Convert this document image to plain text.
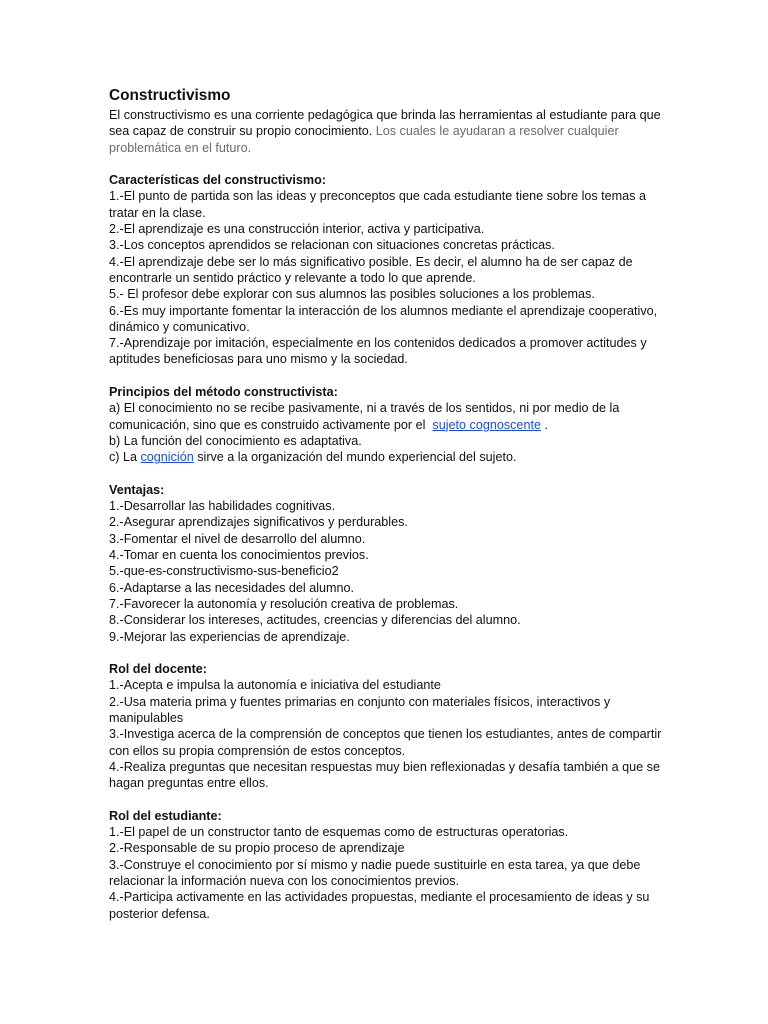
Constructivismo

El constructivismo es una corriente pedagógica que brinda las herramientas al estudiante para que sea capaz de construir su propio conocimiento. Los cuales le ayudaran a resolver cualquier problemática en el futuro.

Características del constructivismo:

1.-El punto de partida son las ideas y preconceptos que cada estudiante tiene sobre los temas a tratar en la clase.

2.-El aprendizaje es una construcción interior, activa y participativa.

3.-Los conceptos aprendidos se relacionan con situaciones concretas prácticas.

4.-El aprendizaje debe ser lo más significativo posible. Es decir, el alumno ha de ser capaz de encontrarle un sentido práctico y relevante a todo lo que aprende.

5.- El profesor debe explorar con sus alumnos las posibles soluciones a los problemas.

6.-Es muy importante fomentar la interacción de los alumnos mediante el aprendizaje cooperativo, dinámico y comunicativo.

7.-Aprendizaje por imitación, especialmente en los contenidos dedicados a promover actitudes y aptitudes beneficiosas para uno mismo y la sociedad.

Principios del método constructivista:

a) El conocimiento no se recibe pasivamente, ni a través de los sentidos, ni por medio de la comunicación, sino que es construido activamente por el sujeto cognoscente .

b) La función del conocimiento es adaptativa.

c) La cognición sirve a la organización del mundo experiencial del sujeto.

Ventajas:

1.-Desarrollar las habilidades cognitivas.

2.-Asegurar aprendizajes significativos y perdurables.

3.-Fomentar el nivel de desarrollo del alumno.

4.-Tomar en cuenta los conocimientos previos.

5.-que-es-constructivismo-sus-beneficio2

6.-Adaptarse a las necesidades del alumno.

7.-Favorecer la autonomía y resolución creativa de problemas.

8.-Considerar los intereses, actitudes, creencias y diferencias del alumno.

9.-Mejorar las experiencias de aprendizaje.

Rol del docente:

1.-Acepta e impulsa la autonomía e iniciativa del estudiante

2.-Usa materia prima y fuentes primarias en conjunto con materiales físicos, interactivos y manipulables

3.-Investiga acerca de la comprensión de conceptos que tienen los estudiantes, antes de compartir con ellos su propia comprensión de estos conceptos.

4.-Realiza preguntas que necesitan respuestas muy bien reflexionadas y desafía también a que se hagan preguntas entre ellos.

Rol del estudiante:

1.-El papel de un constructor tanto de esquemas como de estructuras operatorias.

2.-Responsable de su propio proceso de aprendizaje

3.-Construye el conocimiento por sí mismo y nadie puede sustituirle en esta tarea, ya que debe relacionar la información nueva con los conocimientos previos.

4.-Participa activamente en las actividades propuestas, mediante el procesamiento de ideas y su posterior defensa.
